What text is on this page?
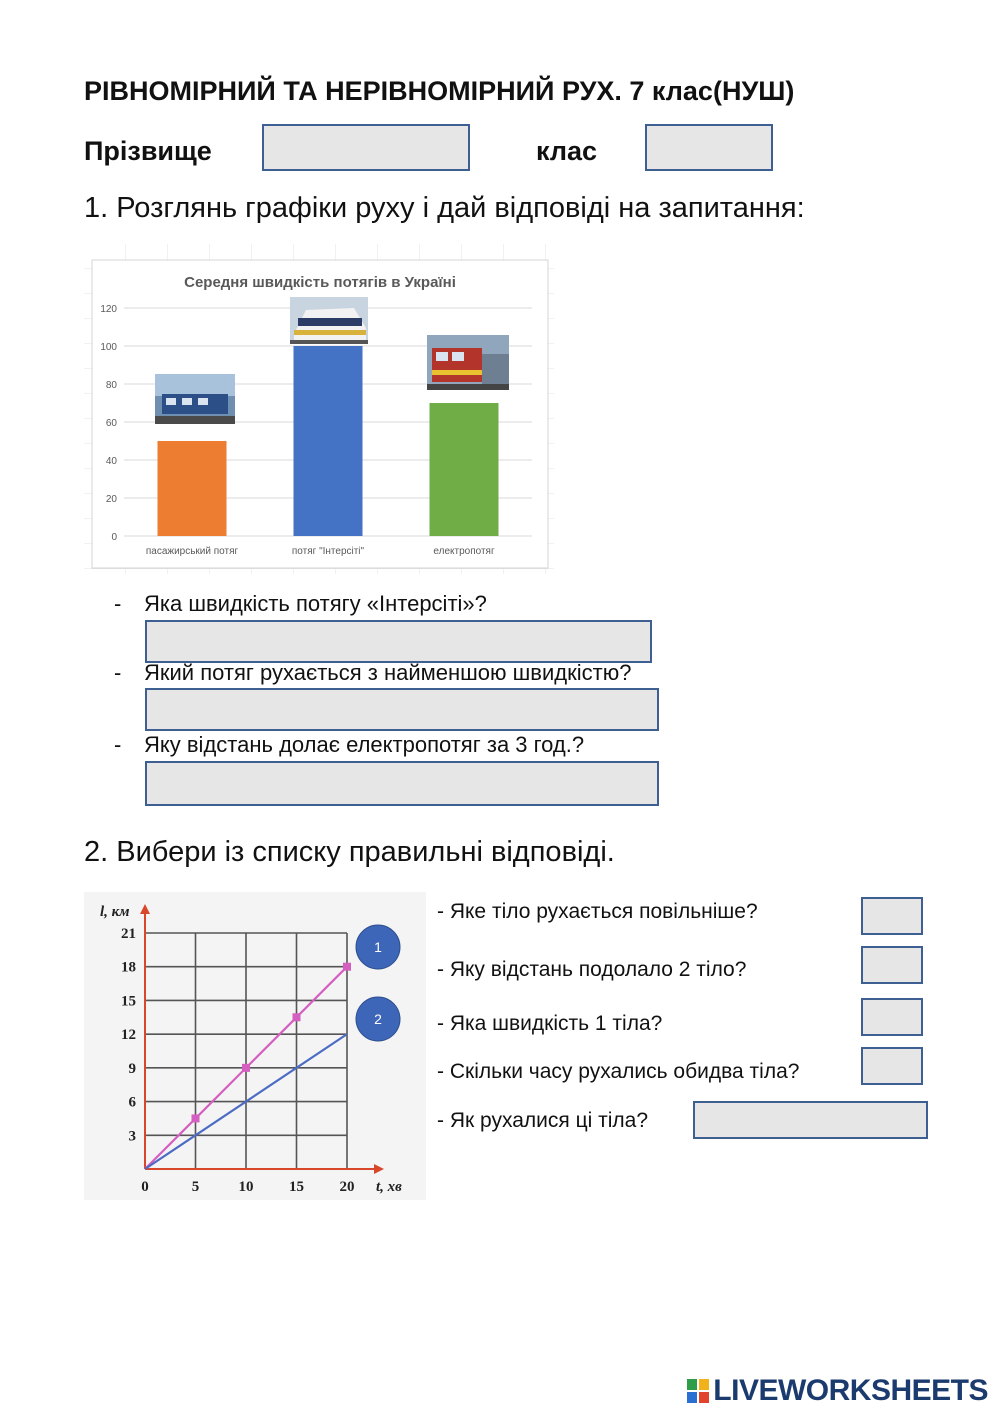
РІВНОМІРНИЙ ТА НЕРІВНОМІРНИЙ РУХ. 7 клас(НУШ)
Прізвище	клас
1. Розглянь графіки руху і дай відповіді на запитання:
Середня швидкість потягів в Україні
0
20
40
60
80
100
120
пасажирський потяг	потяг "Інтерсіті"	електропотяг
- Яка швидкість потягу «Інтерсіті»?
- Який потяг рухається з найменшою швидкістю?
- Яку відстань долає електропотяг за 3 год.?
2. Вибери із списку правильні відповіді.
5	10 15 20
0
3
6
9
12
15
18
21
t, хв
l, км
1
2
- Яке тіло рухається повільніше?
- Яку відстань подолало 2 тіло?
- Яка швидкість 1 тіла?
- Скільки часу рухались обидва тіла?
- Як рухалися ці тіла?
LIVEWORKSHEETS
